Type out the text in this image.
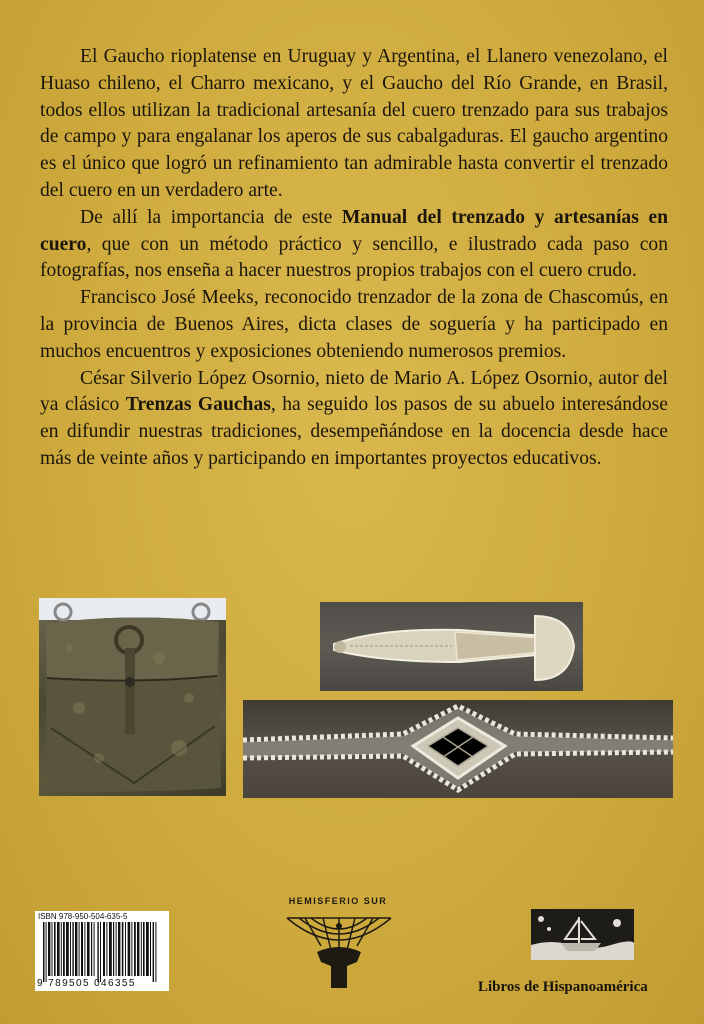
El Gaucho rioplatense en Uruguay y Argentina, el Llanero venezolano, el Huaso chileno, el Charro mexicano, y el Gaucho del Río Grande, en Brasil, todos ellos utilizan la tradicional artesanía del cuero trenzado para sus trabajos de campo y para engalanar los aperos de sus cabalgaduras. El gaucho argentino es el único que logró un refinamiento tan admirable hasta convertir el trenzado del cuero en un verdadero arte.

De allí la importancia de este Manual del trenzado y artesanías en cuero, que con un método práctico y sencillo, e ilustrado cada paso con fotografías, nos enseña a hacer nuestros propios trabajos con el cuero crudo.

Francisco José Meeks, reconocido trenzador de la zona de Chascomús, en la provincia de Buenos Aires, dicta clases de soguería y ha participado en muchos encuentros y exposiciones obteniendo numerosos premios.

César Silverio López Osornio, nieto de Mario A. López Osornio, autor del ya clásico Trenzas Gauchas, ha seguido los pasos de su abuelo interesándose en difundir nuestras tradiciones, desempeñándose en la docencia desde hace más de veinte años y participando en importantes proyectos educativos.

ISBN 978-950-504-635-5
9 789505 046355
HEMISFERIO SUR
Libros de Hispanoamérica
